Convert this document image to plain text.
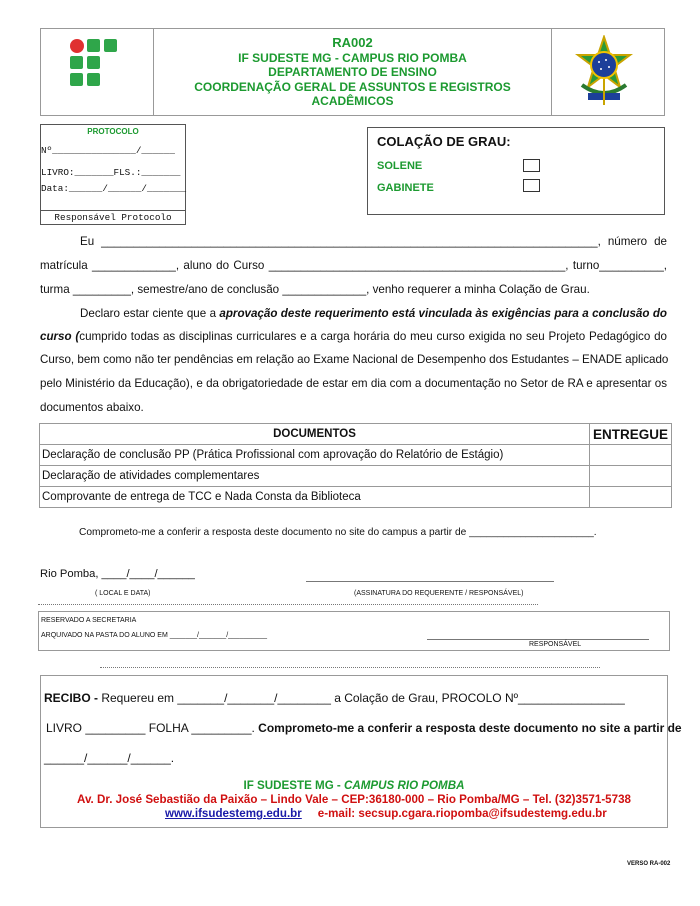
RA002
IF SUDESTE MG - CAMPUS RIO POMBA
DEPARTAMENTO DE ENSINO
COORDENAÇÃO GERAL DE ASSUNTOS E REGISTROS ACADÊMICOS
PROTOCOLO
Nº_______________/______
LIVRO:_______FLS.:_______
Data:______/______/_______
Responsável Protocolo
COLAÇÃO DE GRAU:
SOLENE
GABINETE
Eu _____________________________________________________________________________, número de
matrícula _____________, aluno do Curso ______________________________________________, turno__________,
turma _________, semestre/ano de conclusão _____________, venho requerer a minha Colação de Grau.
Declaro estar ciente que a aprovação deste requerimento está vinculada às exigências para a conclusão do
curso (cumprido todas as disciplinas curriculares e a carga horária do meu curso exigida no seu Projeto Pedagógico do
Curso, bem como não ter pendências em relação ao Exame Nacional de Desempenho dos Estudantes – ENADE aplicado
pelo Ministério da Educação), e da obrigatoriedade de estar em dia com a documentação no Setor de RA e apresentar os
documentos abaixo.
DOCUMENTOS	ENTREGUE
Declaração de conclusão PP (Prática Profissional com aprovação do Relatório de Estágio)	
Declaração de atividades complementares	
Comprovante de entrega de TCC e Nada Consta da Biblioteca	
Comprometo-me a conferir a resposta deste documento no site do campus a partir de ______________________.
Rio Pomba, ____/____/______
( LOCAL E DATA)	(ASSINATURA DO REQUERENTE / RESPONSÁVEL)
RESERVADO A SECRETARIA
ARQUIVADO NA PASTA DO ALUNO EM _______/_______/__________
RESPONSÁVEL
RECIBO - Requereu em _______/_______/________ a Colação de Grau, PROCOLO Nº________________
LIVRO _________ FOLHA _________. Comprometo-me a conferir a resposta deste documento no site a partir de
______/______/______.
IF SUDESTE MG - CAMPUS RIO POMBA
Av. Dr. José Sebastião da Paixão – Lindo Vale – CEP:36180-000 – Rio Pomba/MG – Tel. (32)3571-5738
www.ifsudestemg.edu.br e-mail: secsup.cgara.riopomba@ifsudestemg.edu.br
VERSO RA-002
